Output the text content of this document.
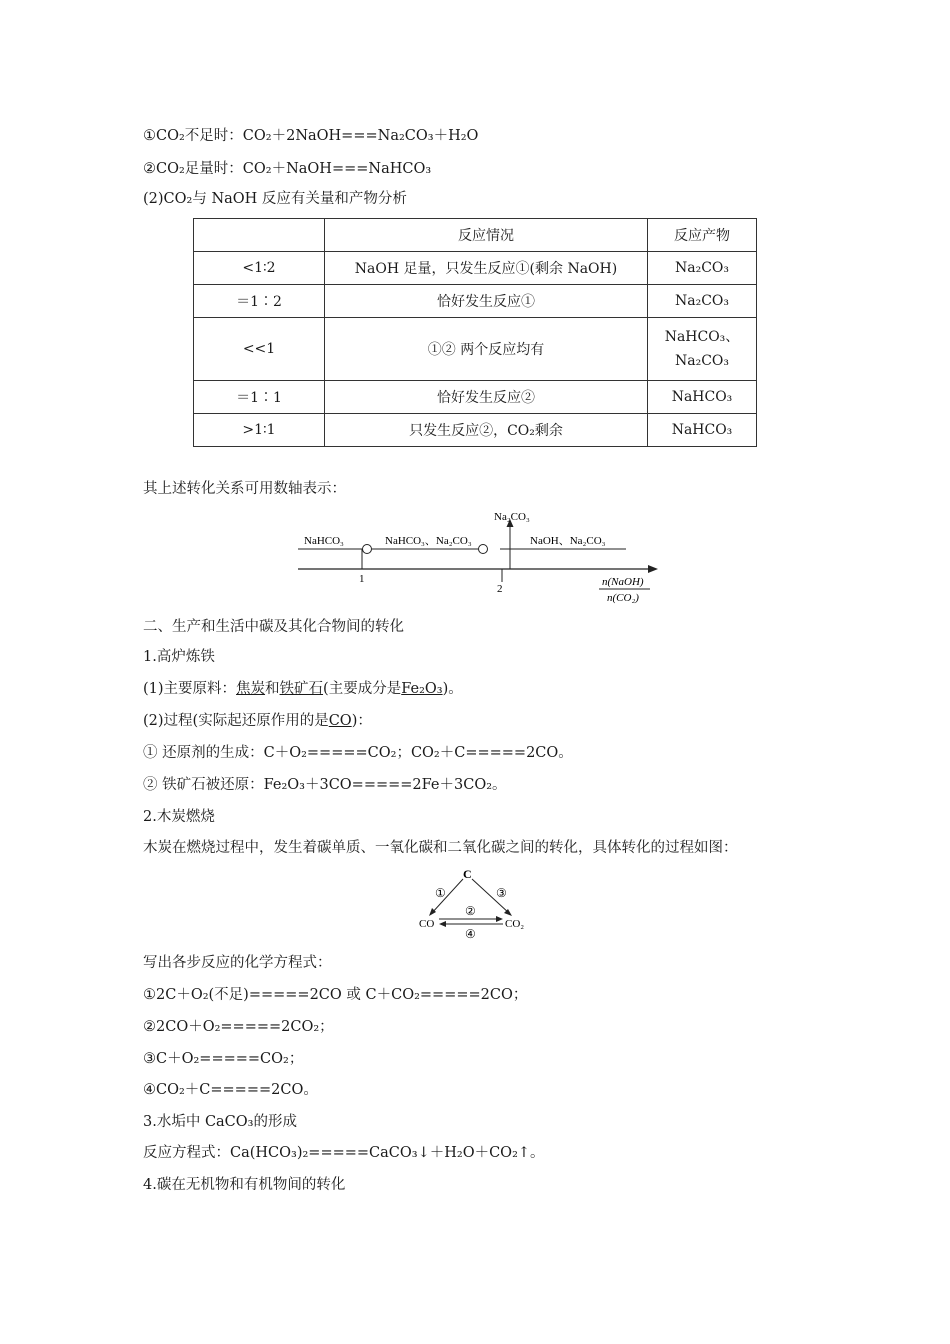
①CO₂不足时：CO₂＋2NaOH===Na₂CO₃＋H₂O
②CO₂足量时：CO₂＋NaOH===NaHCO₃
(2)CO₂与 NaOH 反应有关量和产物分析
	反应情况	反应产物
<1∶2	NaOH 足量，只发生反应①(剩余 NaOH)	Na₂CO₃
＝1∶2	恰好发生反应①	Na₂CO₃
<<1	①② 两个反应均有	NaHCO₃、Na₂CO₃
＝1∶1	恰好发生反应②	NaHCO₃
>1∶1	只发生反应②，CO₂剩余	NaHCO₃
其上述转化关系可用数轴表示：
NaHCO₃	NaHCO₃、Na₂CO₃	NaOH、Na₂CO₃
Na₂CO₃
1
2
n(NaOH)
n(CO₂)
二、生产和生活中碳及其化合物间的转化
1.高炉炼铁
(1)主要原料：焦炭和铁矿石(主要成分是Fe₂O₃)。
(2)过程(实际起还原作用的是CO)：
① 还原剂的生成：C＋O₂=====CO₂；CO₂＋C=====2CO。
② 铁矿石被还原：Fe₂O₃＋3CO=====2Fe＋3CO₂。
2.木炭燃烧
木炭在燃烧过程中，发生着碳单质、一氧化碳和二氧化碳之间的转化，具体转化的过程如图：
C
CO	CO₂
①	③
②
④
写出各步反应的化学方程式：
①2C＋O₂(不足)=====2CO 或 C＋CO₂=====2CO；
②2CO＋O₂=====2CO₂；
③C＋O₂=====CO₂；
④CO₂＋C=====2CO。
3.水垢中 CaCO₃的形成
反应方程式：Ca(HCO₃)₂=====CaCO₃↓＋H₂O＋CO₂↑。
4.碳在无机物和有机物间的转化
